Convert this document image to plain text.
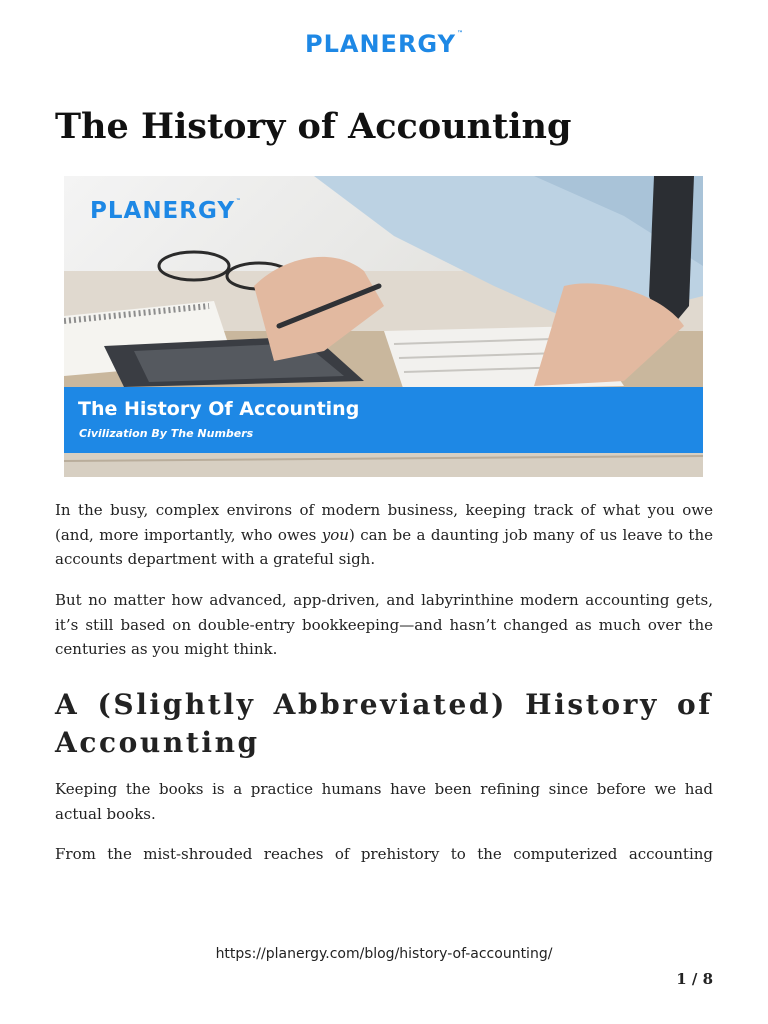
PLANERGY™
The History of Accounting
PLANERGY™
The History Of Accounting
Civilization By The Numbers

In the busy, complex environs of modern business, keeping track of what you owe (and, more importantly, who owes you) can be a daunting job many of us leave to the accounts department with a grateful sigh.

But no matter how advanced, app-driven, and labyrinthine modern accounting gets, it’s still based on double-entry bookkeeping—and hasn’t changed as much over the centuries as you might think.

A (Slightly Abbreviated) History of
Accounting

Keeping the books is a practice humans have been refining since before we had actual books.

From the mist-shrouded reaches of prehistory to the computerized accounting

https://planergy.com/blog/history-of-accounting/
1 / 8
